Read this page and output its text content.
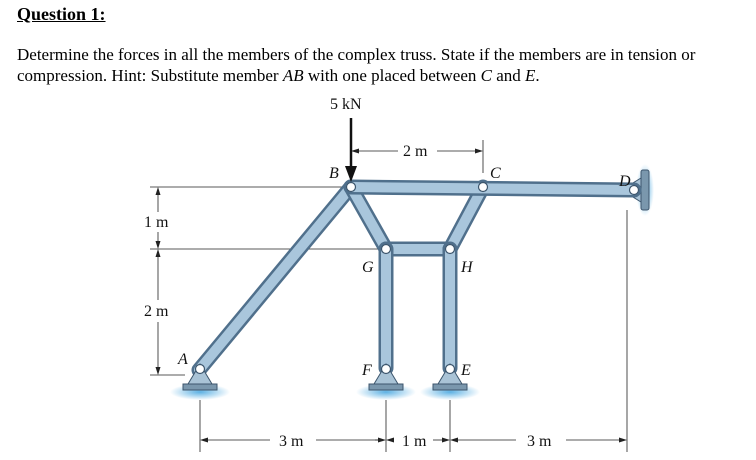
Question 1:

Determine the forces in all the members of the complex truss. State if the members are in tension or compression. Hint: Substitute member AB with one placed between C and E.

5 kN
B	C	D
G	H
A
F	E
2 m
1 m
2 m
3 m	1 m	3 m
